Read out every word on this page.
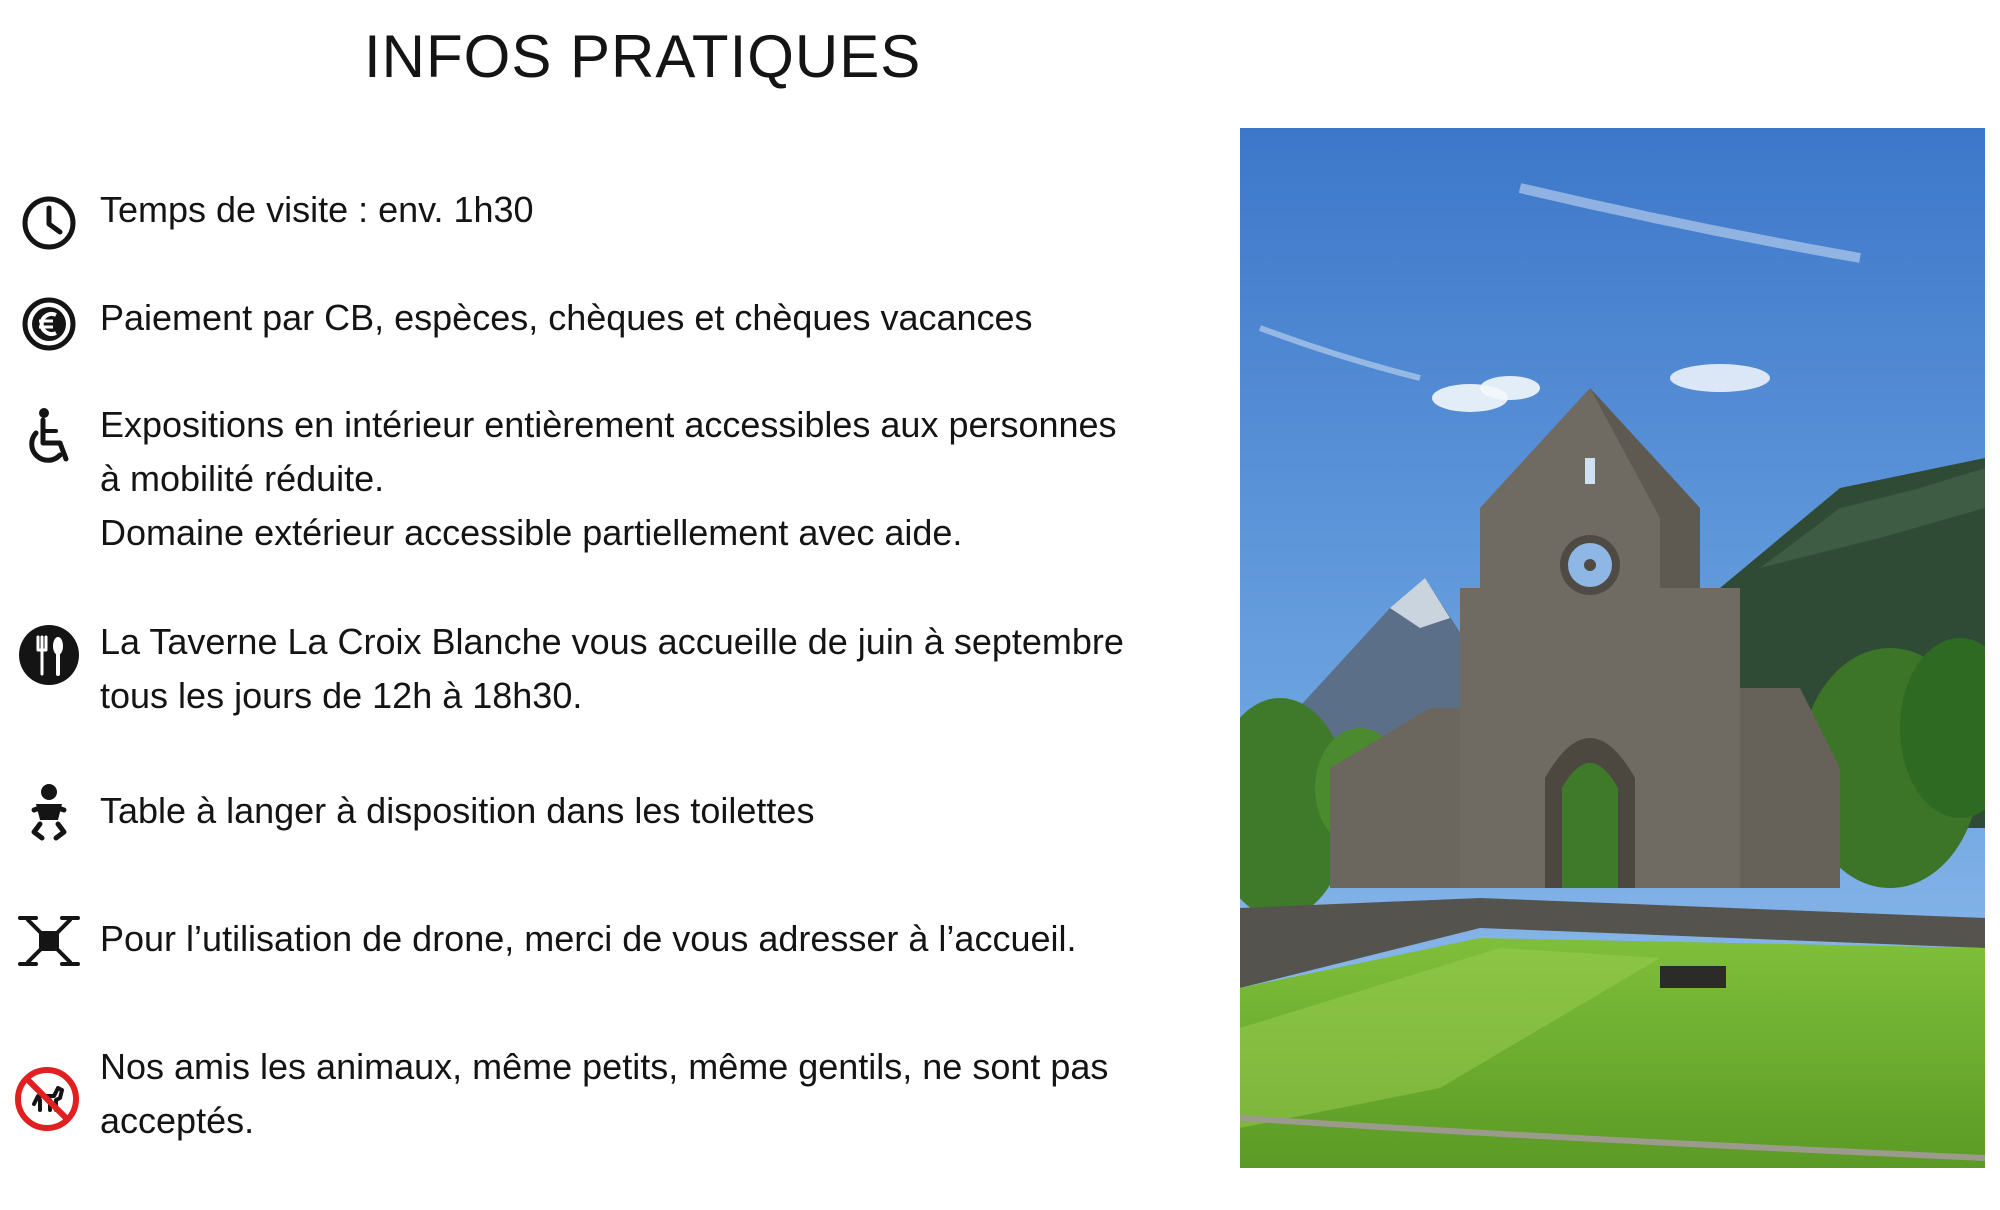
INFOS PRATIQUES
Temps de visite : env. 1h30
Paiement par CB, espèces, chèques et chèques vacances
Expositions en intérieur entièrement accessibles aux personnes
à mobilité réduite.
Domaine extérieur accessible partiellement avec aide.
La Taverne La Croix Blanche vous accueille de juin à septembre
tous les jours de 12h à 18h30.
Table à langer à disposition dans les toilettes
Pour l’utilisation de drone, merci de vous adresser à l’accueil.
Nos amis les animaux, même petits, même gentils, ne sont pas
acceptés.
